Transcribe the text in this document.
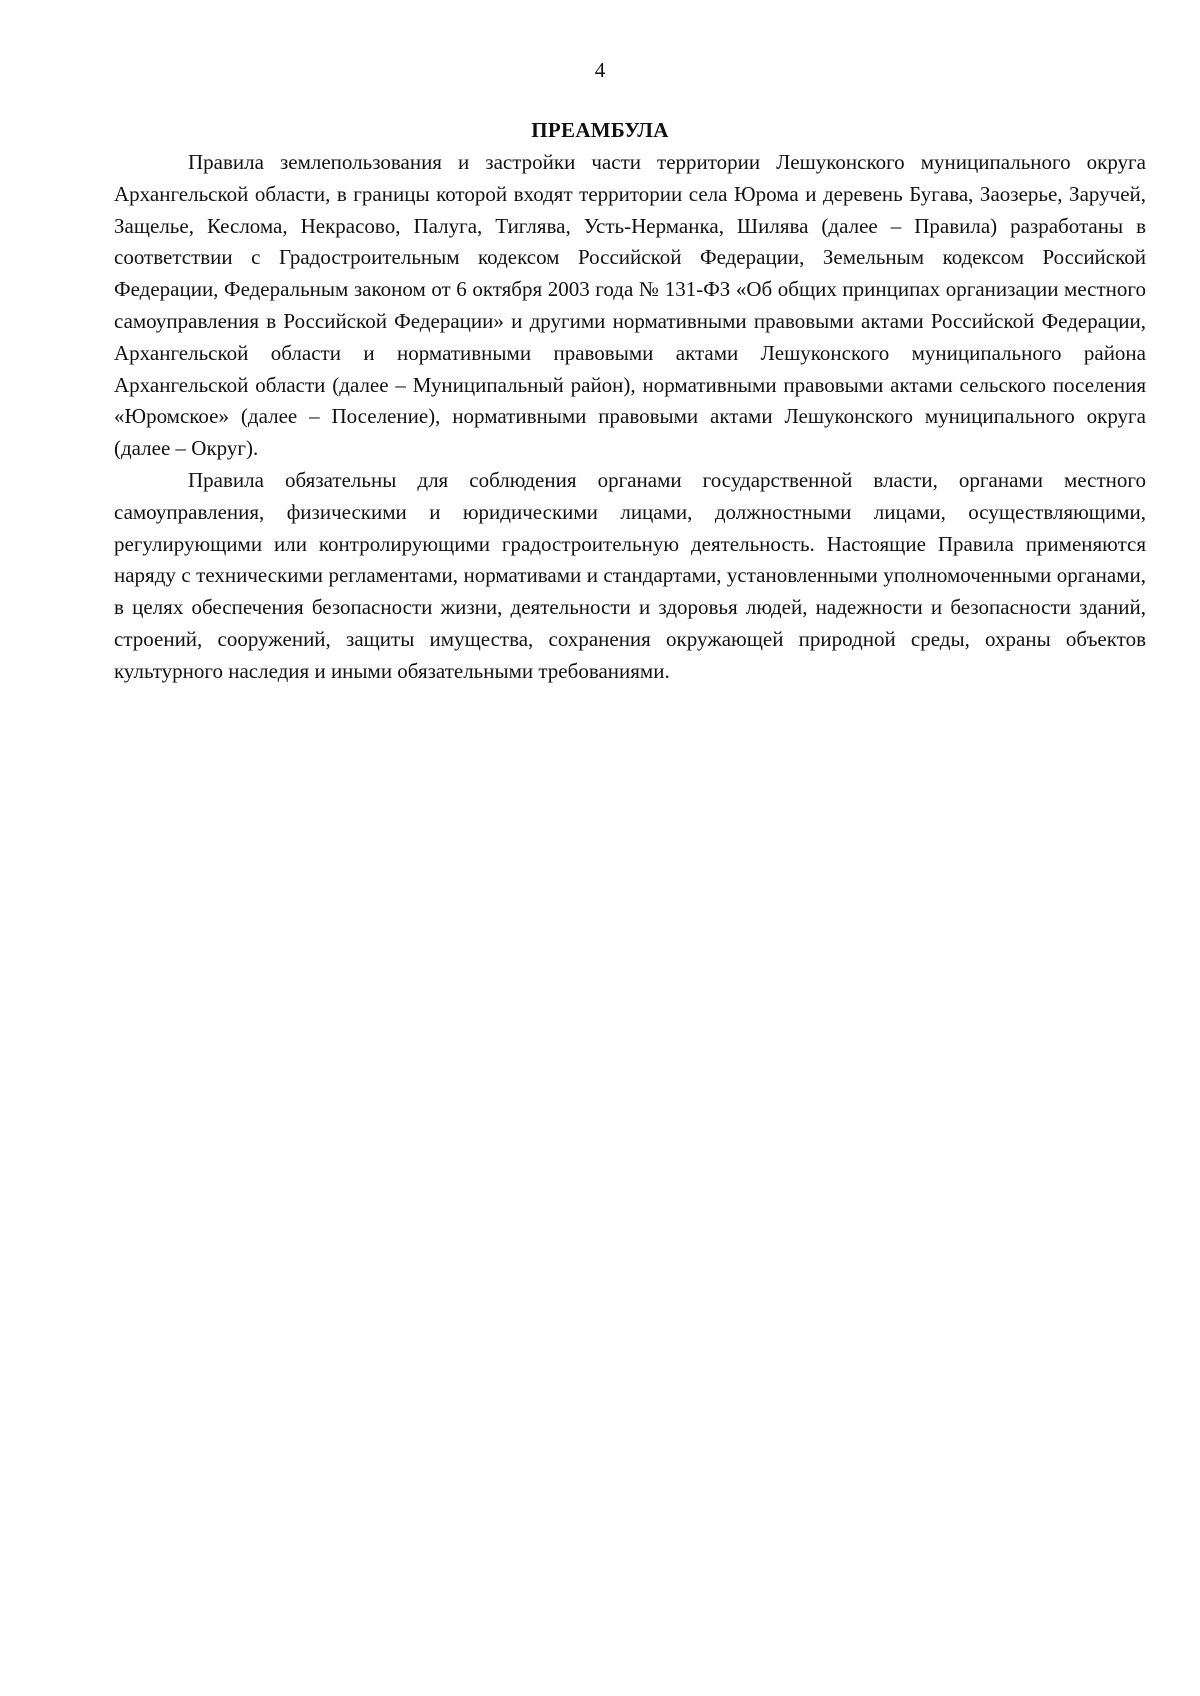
4
ПРЕАМБУЛА

Правила землепользования и застройки части территории Лешуконского муниципального округа Архангельской области, в границы которой входят территории села Юрома и деревень Бугава, Заозерье, Заручей, Защелье, Кеслома, Некрасово, Палуга, Тиглява, Усть-Нерманка, Шилява (далее – Правила) разработаны в соответствии с Градостроительным кодексом Российской Федерации, Земельным кодексом Российской Федерации, Федеральным законом от 6 октября 2003 года № 131-ФЗ «Об общих принципах организации местного самоуправления в Российской Федерации» и другими нормативными правовыми актами Российской Федерации, Архангельской области и нормативными правовыми актами Лешуконского муниципального района Архангельской области (далее – Муниципальный район), нормативными правовыми актами сельского поселения «Юромское» (далее – Поселение), нормативными правовыми актами Лешуконского муниципального округа (далее – Округ).

Правила обязательны для соблюдения органами государственной власти, органами местного самоуправления, физическими и юридическими лицами, должностными лицами, осуществляющими, регулирующими или контролирующими градостроительную деятельность. Настоящие Правила применяются наряду с техническими регламентами, нормативами и стандартами, установленными уполномоченными органами, в целях обеспечения безопасности жизни, деятельности и здоровья людей, надежности и безопасности зданий, строений, сооружений, защиты имущества, сохранения окружающей природной среды, охраны объектов культурного наследия и иными обязательными требованиями.
